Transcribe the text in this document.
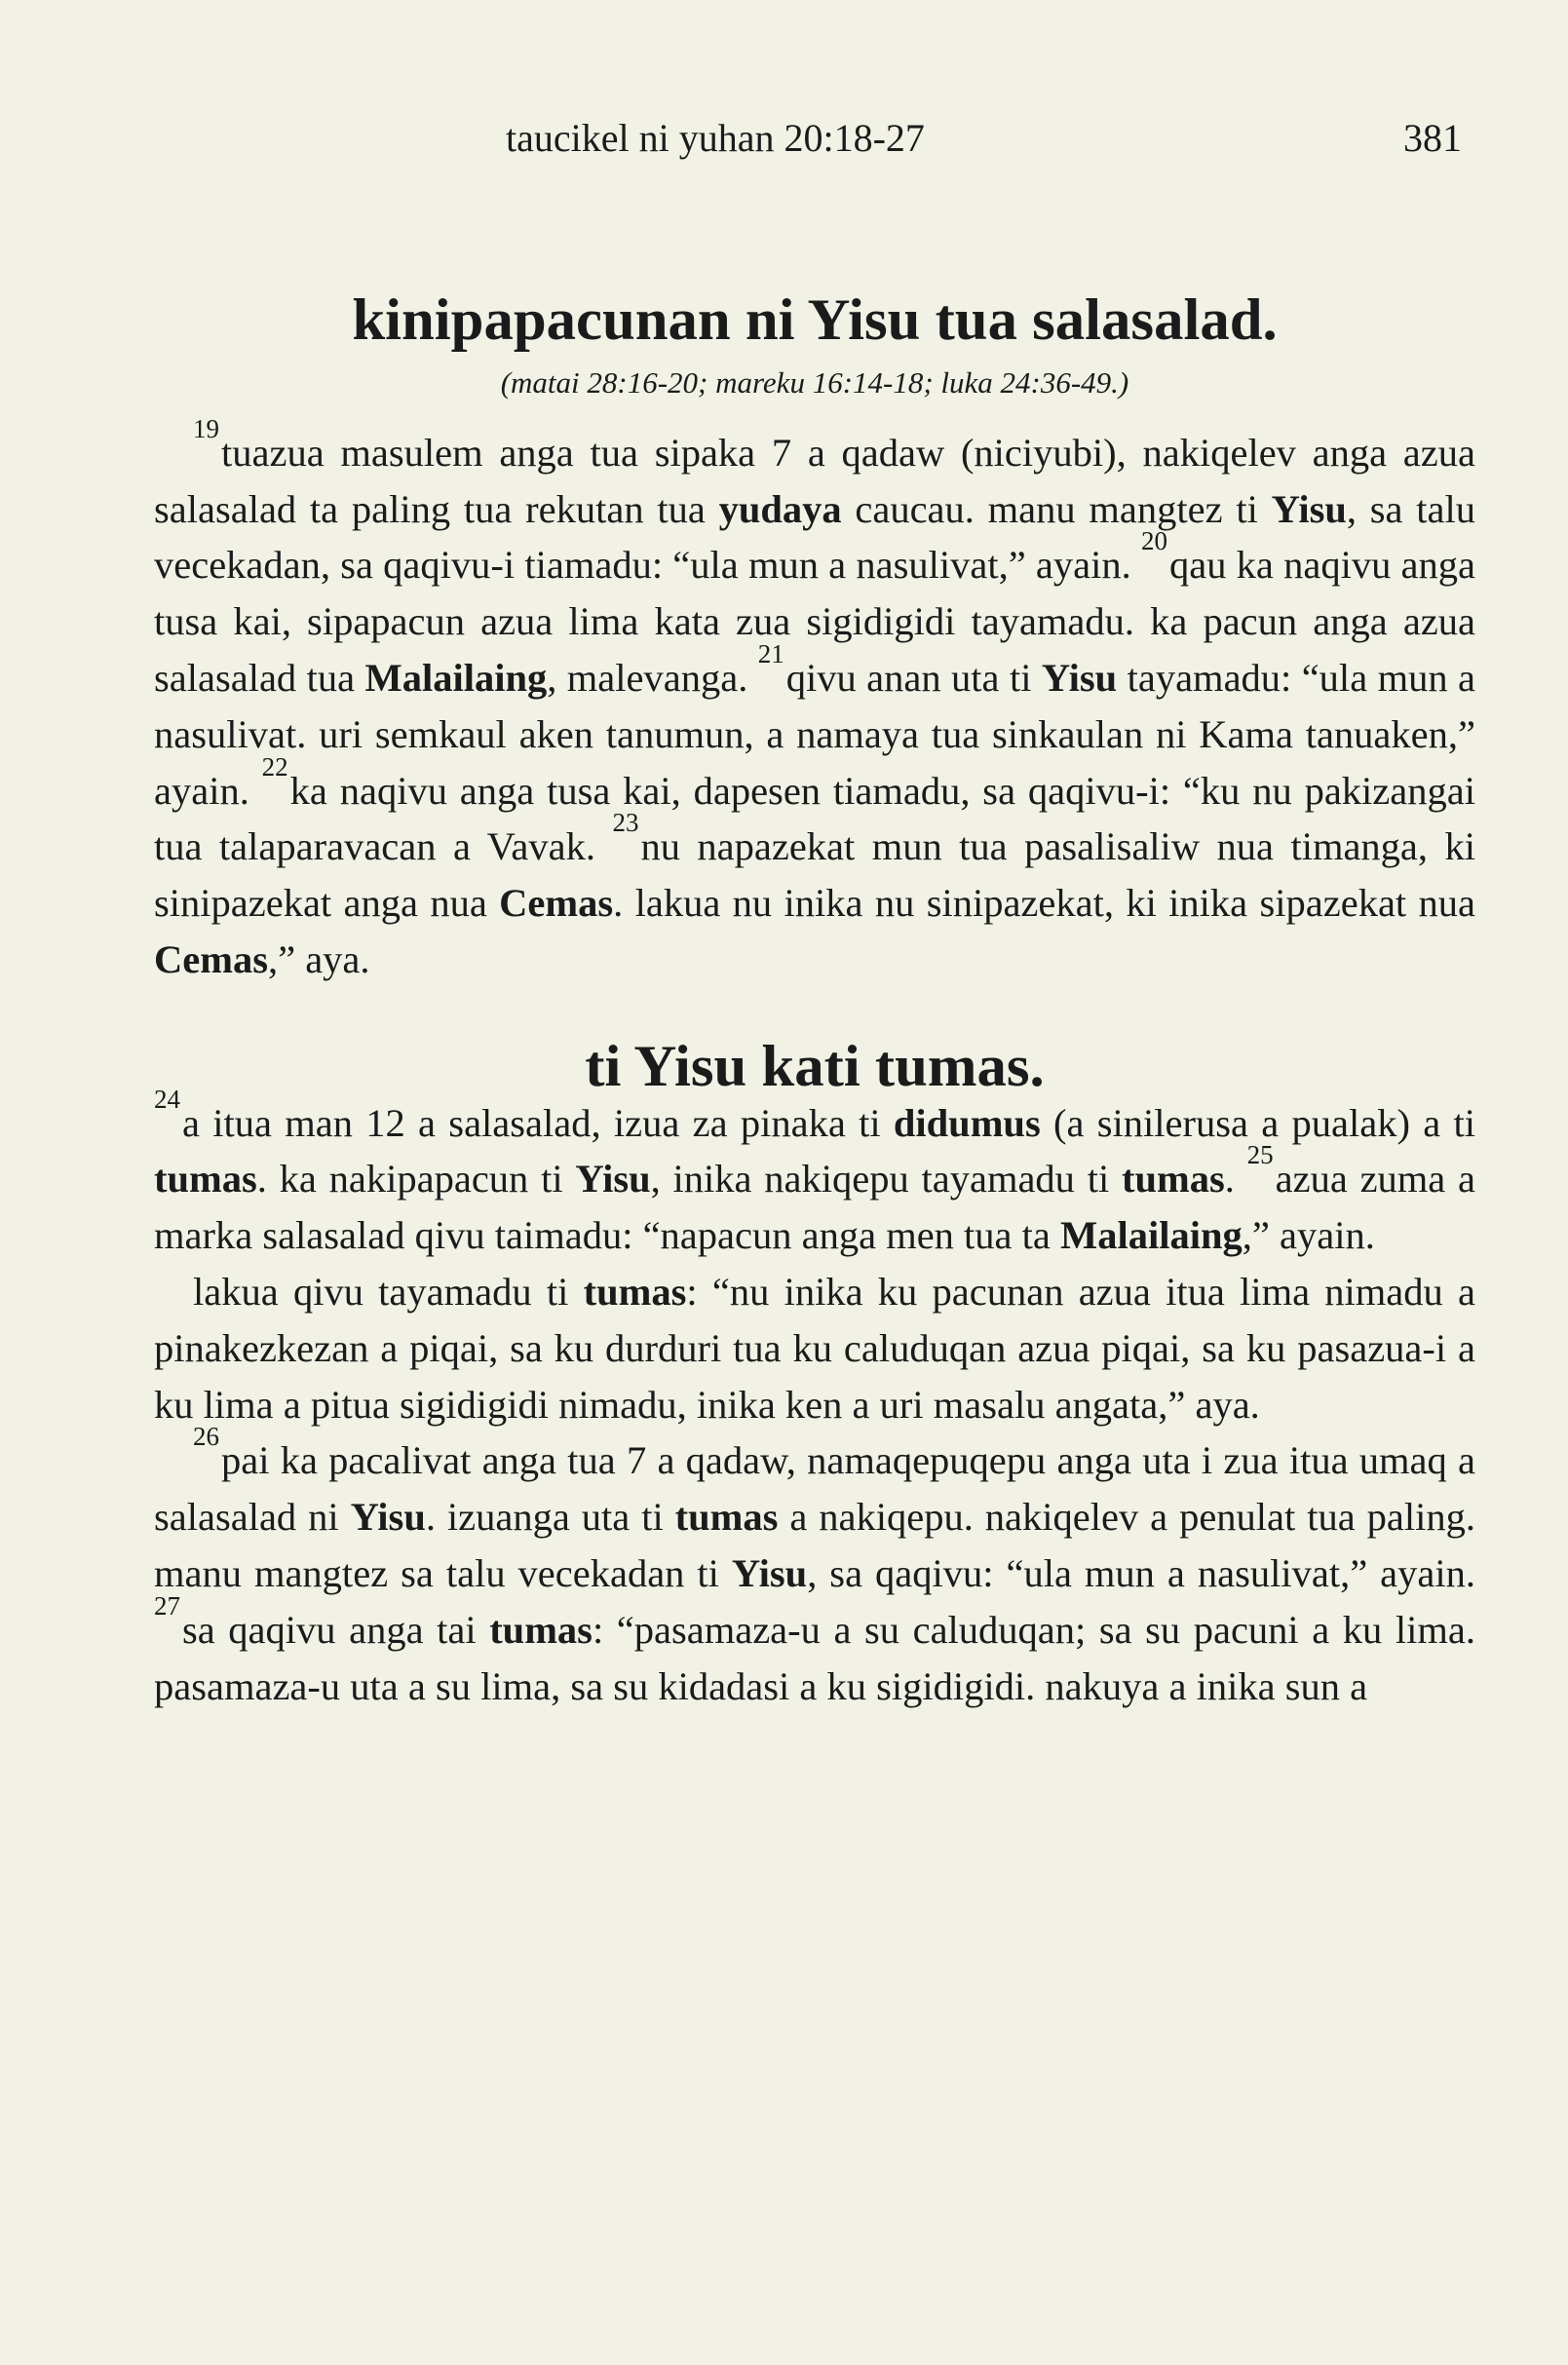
taucikel ni yuhan 20:18-27	381
kinipapacunan ni Yisu tua salasalad.
(matai 28:16-20; mareku 16:14-18; luka 24:36-49.)

$^{19}$tuazua masulem anga tua sipaka 7 a qadaw (niciyubi), nakiqelev anga azua salasalad ta paling tua rekutan tua yudaya caucau. manu mangtez ti Yisu, sa talu vecekadan, sa qaqivu-i tiamadu: “ula mun a nasulivat,” ayain. $^{20}$qau ka naqivu anga tusa kai, sipapacun azua lima kata zua sigidigidi tayamadu. ka pacun anga azua salasalad tua Malailaing, malevanga. $^{21}$qivu anan uta ti Yisu tayamadu: “ula mun a nasulivat. uri semkaul aken tanumun, a namaya tua sinkaulan ni Kama tanuaken,” ayain. $^{22}$ka naqivu anga tusa kai, dapesen tiamadu, sa qaqivu-i: “ku nu pakizangai tua talaparavacan a Vavak. $^{23}$nu napazekat mun tua pasalisaliw nua timanga, ki sinipazekat anga nua Cemas. lakua nu inika nu sinipazekat, ki inika sipazekat nua Cemas,” aya.

ti Yisu kati tumas.

$^{24}$a itua man 12 a salasalad, izua za pinaka ti didumus (a sinilerusa a pualak) a ti tumas. ka nakipapacun ti Yisu, inika nakiqepu tayamadu ti tumas. $^{25}$azua zuma a marka salasalad qivu taimadu: “napacun anga men tua ta Malailaing,” ayain.

lakua qivu tayamadu ti tumas: “nu inika ku pacunan azua itua lima nimadu a pinakezkezan a piqai, sa ku durduri tua ku caluduqan azua piqai, sa ku pasazua-i a ku lima a pitua sigidigidi nimadu, inika ken a uri masalu angata,” aya.

$^{26}$pai ka pacalivat anga tua 7 a qadaw, namaqepuqepu anga uta i zua itua umaq a salasalad ni Yisu. izuanga uta ti tumas a nakiqepu. nakiqelev a penulat tua paling. manu mangtez sa talu vecekadan ti Yisu, sa qaqivu: “ula mun a nasulivat,” ayain. $^{27}$sa qaqivu anga tai tumas: “pasamaza-u a su caluduqan; sa su pacuni a ku lima. pasamaza-u uta a su lima, sa su kidadasi a ku sigidigidi. nakuya a inika sun a
